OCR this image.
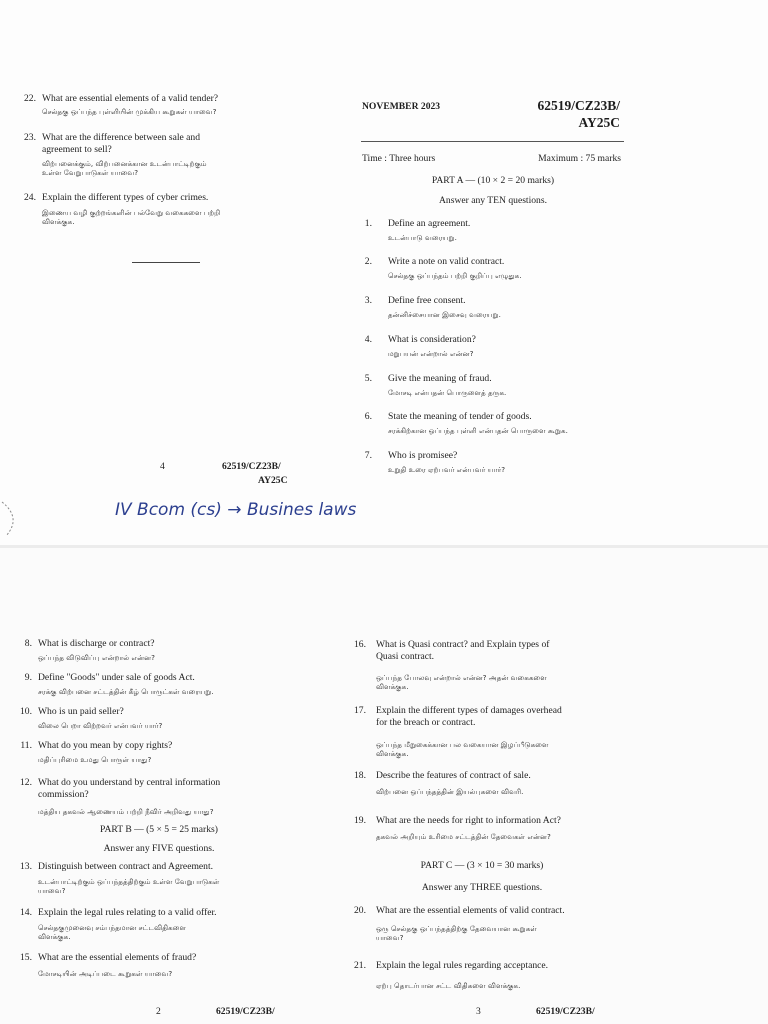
22. What are essential elements of a valid tender?
செல்தகு ஒப்பந்த புள்ளியின் முக்கிய கூறுகள் யாவை?
23. What are the difference between sale and
agreement to sell?
விற்பனைக்கும், விற்பனைக்கான உடன்பாட்டிற்கும்
உள்ள வேறுபாடுகள் யாவை?
24. Explain the different types of cyber crimes.
இணைய வழி குற்றங்களின் பல்வேறு வகைகளை பற்றி
விளக்குக.
NOVEMBER 2023	62519/CZ23B/
AY25C
Time : Three hours	Maximum : 75 marks
PART A — (10 × 2 = 20 marks)
Answer any TEN questions.
1. Define an agreement.
உடன்பாடு வரையறு.
2. Write a note on valid contract.
செல்தகு ஒப்பந்தம் பற்றி குறிப்பு எழுதுக.
3. Define free consent.
தன்னிச்சையான இசைவு வரையறு.
4. What is consideration?
மறுபயன் என்றால் என்ன?
5. Give the meaning of fraud.
மோசடி என்பதன் பொருளைத் தருக.
6. State the meaning of tender of goods.
சரக்கிற்கான ஒப்பந்த புள்ளி என்பதன் பொருளை கூறுக.
7. Who is promisee?
உறுதி உரை ஏற்பவர் என்பவர் யார்?
4	62519/CZ23B/
AY25C
IV Bcom (cs) → Busines laws
8. What is discharge or contract?
ஒப்பந்த விடுவிப்பு என்றால் என்ன?
9. Define "Goods" under sale of goods Act.
சரக்கு விற்பனை சட்டத்தின் கீழ் பொருட்கள் வரையறு.
10. Who is un paid seller?
விலை பெறா விற்றவர் என்பவர் யார்?
11. What do you mean by copy rights?
மதிப்புரிமை உமது பொருள் யாது?
12. What do you understand by central information
commission?
மத்திய தகவல் ஆணையம் பற்றி நீவிர் அறிவது யாது?
PART B — (5 × 5 = 25 marks)
Answer any FIVE questions.
13. Distinguish between contract and Agreement.
உடன்பாட்டிற்கும் ஒப்பந்தத்திற்கும் உள்ள வேறுபாடுகள்
யாவை?
14. Explain the legal rules relating to a valid offer.
செல்தகுமுனைவு சம்பந்தமான சட்டவிதிகளை
விளக்குக.
15. What are the essential elements of fraud?
மோசடியின் அடிப்படை கூறுகள் யாவை?
16. What is Quasi contract? and Explain types of
Quasi contract.
ஒப்பந்த போலவு என்றால் என்ன? அதன் வகைகளை
விளக்குக.
17. Explain the different types of damages overhead
for the breach or contract.
ஒப்பந்த மீறுகைக்கான பல வகையான இழப்பீடுகளை
விளக்குக.
18. Describe the features of contract of sale.
விற்பனை ஒப்பந்தத்தின் இயல்புகளை விவரி.
19. What are the needs for right to information Act?
தகவல் அறியும் உரிமை சட்டத்தின் தேவைகள் என்ன?
PART C — (3 × 10 = 30 marks)
Answer any THREE questions.
20. What are the essential elements of valid contract.
ஒரு செல்தகு ஒப்பந்தத்திற்கு தேவையான கூறுகள்
யாவை?
21. Explain the legal rules regarding acceptance.
ஏற்பு தொடர்பான சட்ட விதிகளை விளக்குக.
2	62519/CZ23B/	3	62519/CZ23B/
